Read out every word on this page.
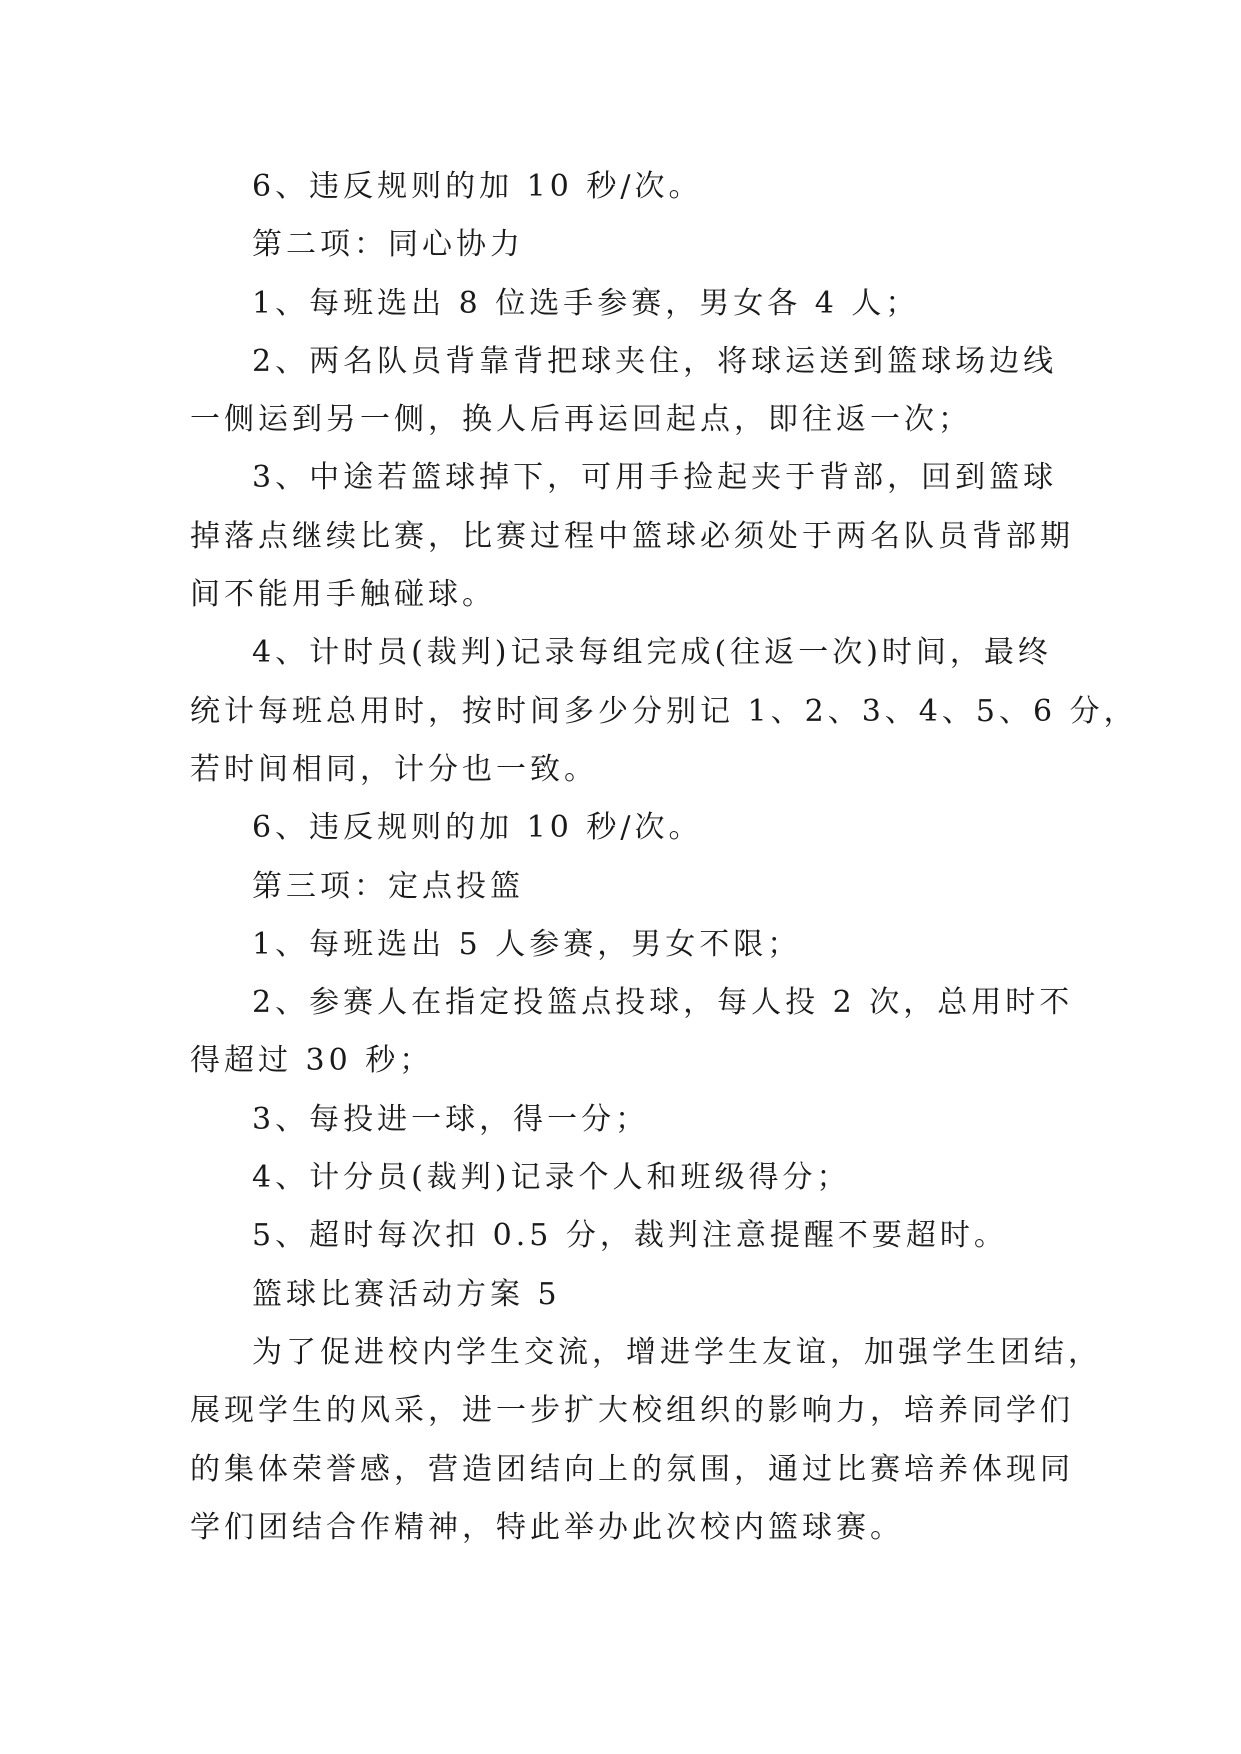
6、违反规则的加 10 秒/次。

第二项：同心协力

1、每班选出 8 位选手参赛，男女各 4 人；

2、两名队员背靠背把球夹住，将球运送到篮球场边线

一侧运到另一侧，换人后再运回起点，即往返一次；

3、中途若篮球掉下，可用手捡起夹于背部，回到篮球

掉落点继续比赛，比赛过程中篮球必须处于两名队员背部期

间不能用手触碰球。

4、计时员(裁判)记录每组完成(往返一次)时间，最终

统计每班总用时，按时间多少分别记 1、2、3、4、5、6 分，

若时间相同，计分也一致。

6、违反规则的加 10 秒/次。

第三项：定点投篮

1、每班选出 5 人参赛，男女不限；

2、参赛人在指定投篮点投球，每人投 2 次，总用时不

得超过 30 秒；

3、每投进一球，得一分；

4、计分员(裁判)记录个人和班级得分；

5、超时每次扣 0.5 分，裁判注意提醒不要超时。

篮球比赛活动方案 5

为了促进校内学生交流，增进学生友谊，加强学生团结，

展现学生的风采，进一步扩大校组织的影响力，培养同学们

的集体荣誉感，营造团结向上的氛围，通过比赛培养体现同

学们团结合作精神，特此举办此次校内篮球赛。
